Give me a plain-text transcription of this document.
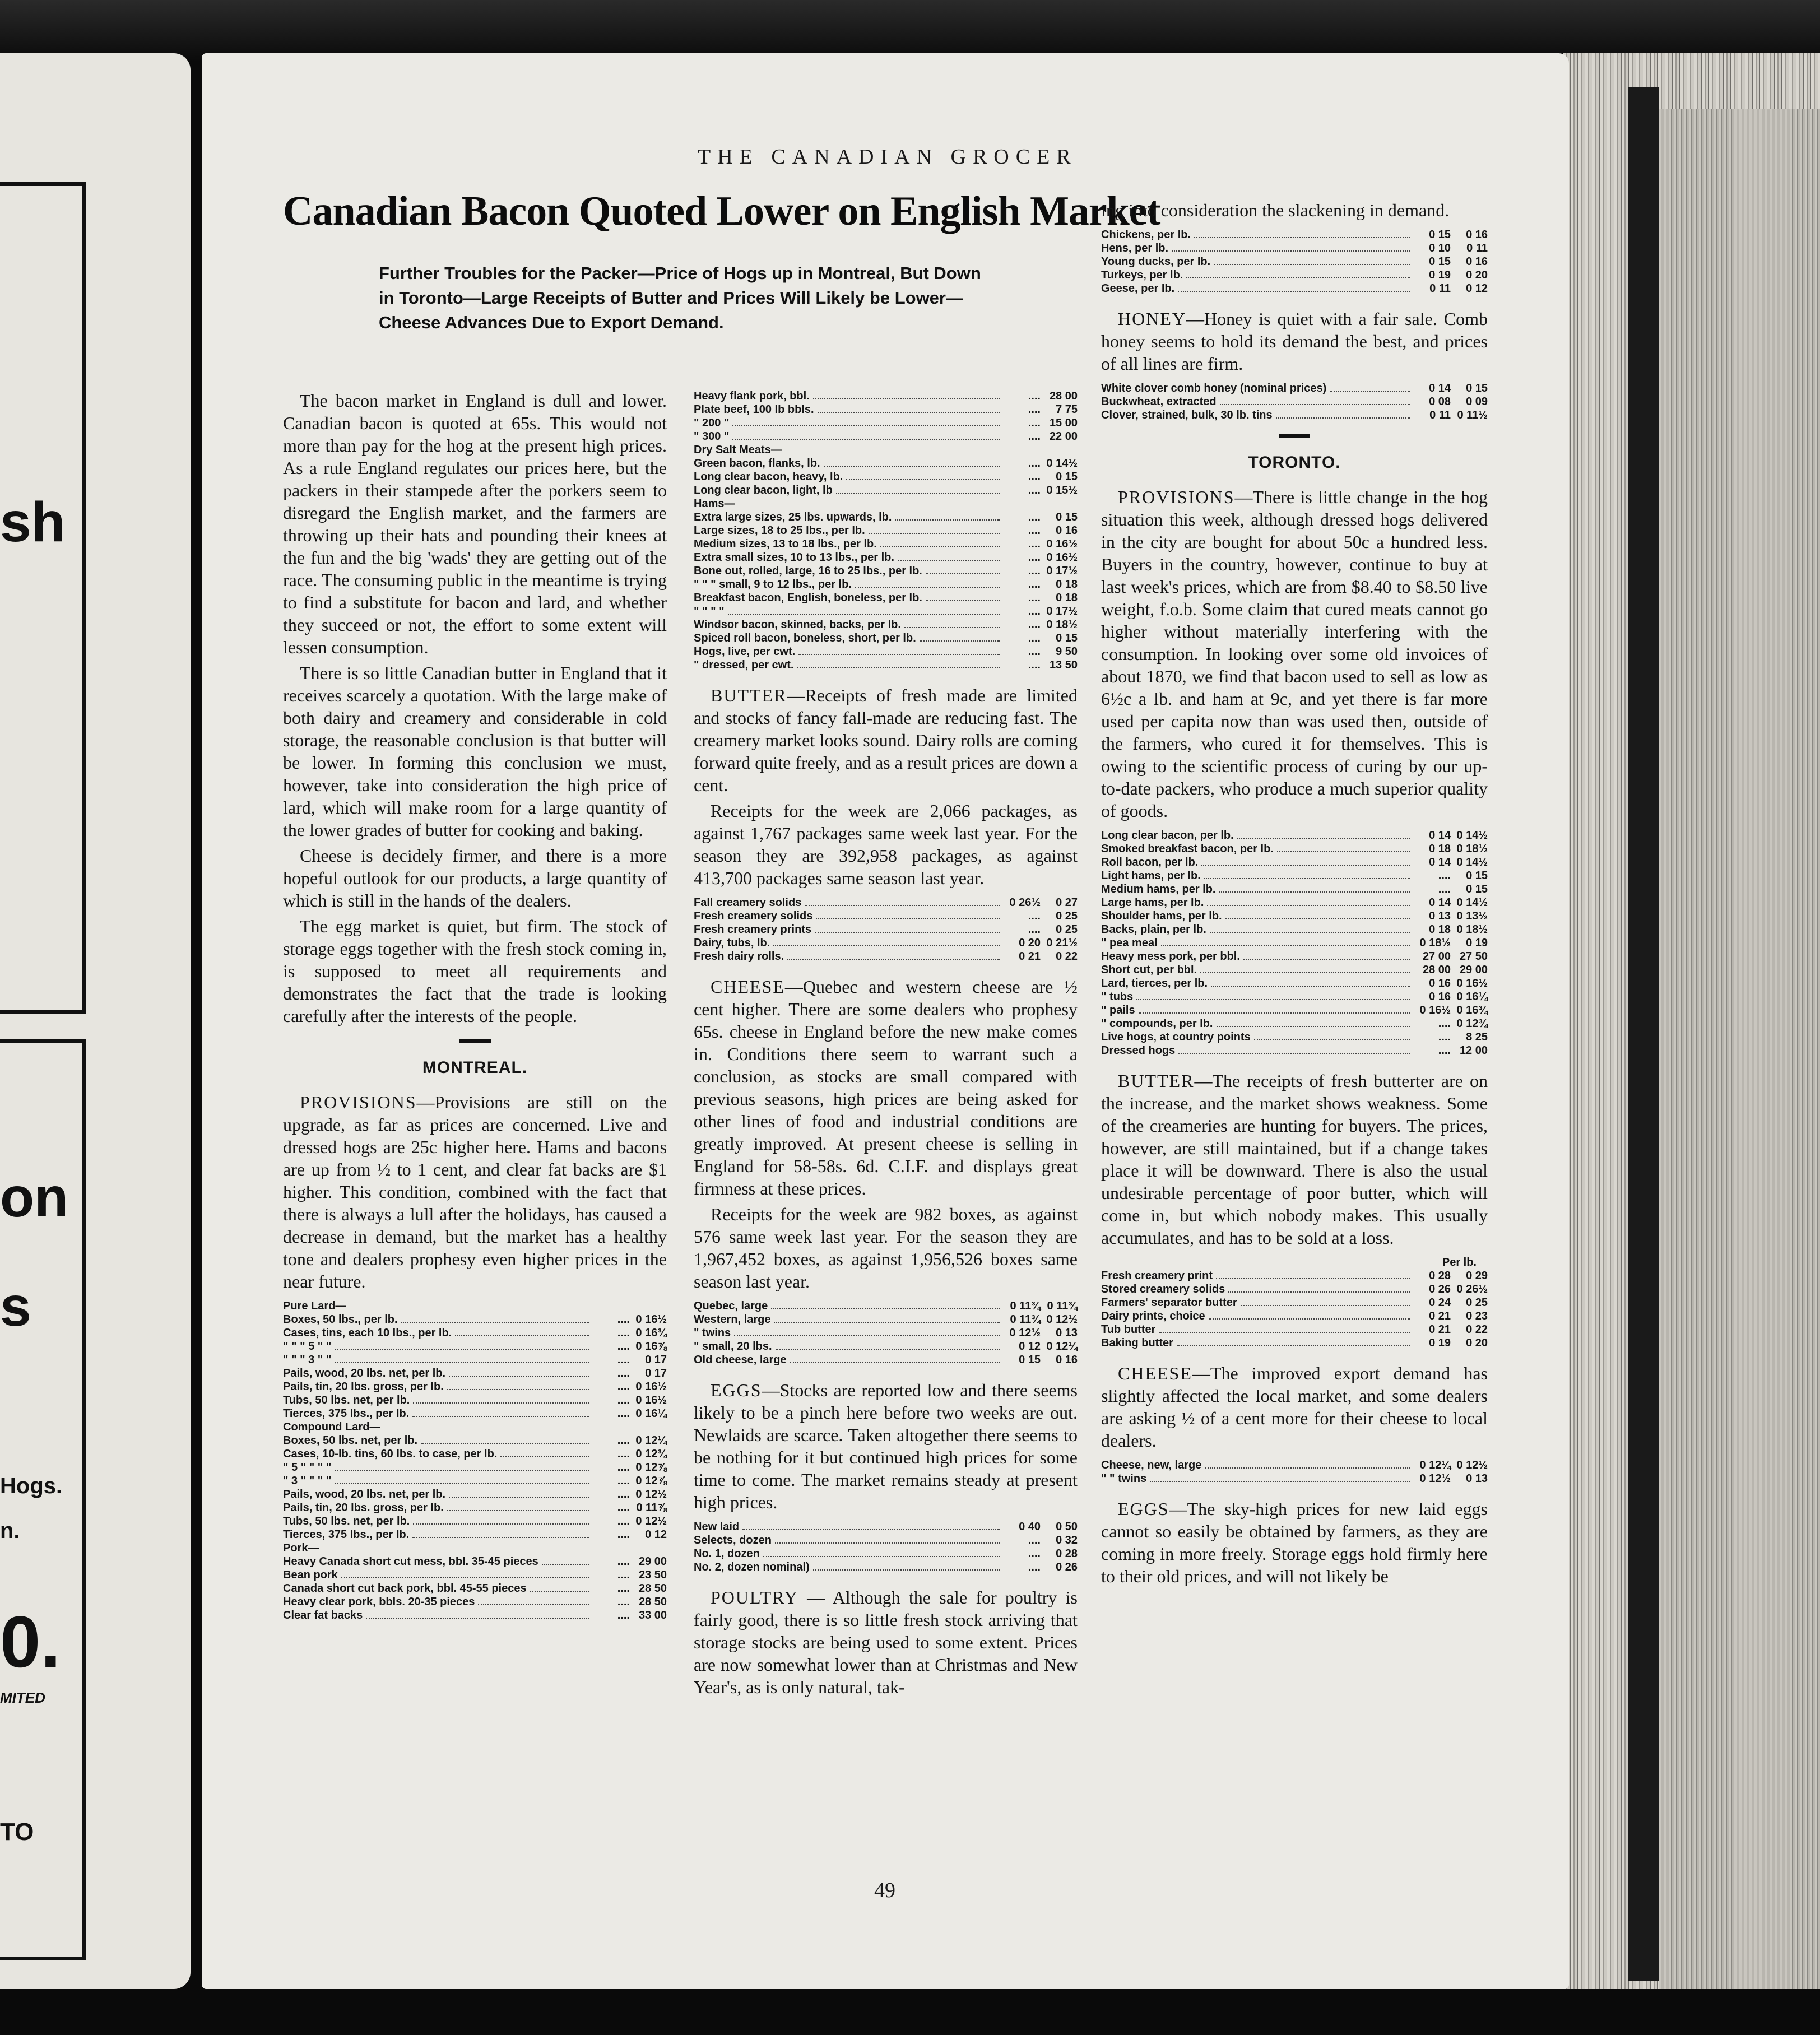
sh
on
s
Hogs.
n.
0.
MITED
TO
THE CANADIAN GROCER
Canadian Bacon Quoted Lower on English Market
Further Troubles for the Packer—Price of Hogs up in Montreal, But Down in Toronto—Large Receipts of Butter and Prices Will Likely be Lower—Cheese Advances Due to Export Demand.

The bacon market in England is dull and lower. Canadian bacon is quoted at 65s. This would not more than pay for the hog at the present high prices. As a rule England regulates our prices here, but the packers in their stampede after the porkers seem to disregard the English market, and the farmers are throwing up their hats and pounding their knees at the fun and the big 'wads' they are getting out of the race. The consuming public in the meantime is trying to find a substitute for bacon and lard, and whether they succeed or not, the effort to some extent will lessen consumption.

There is so little Canadian butter in England that it receives scarcely a quotation. With the large make of both dairy and creamery and considerable in cold storage, the reasonable conclusion is that butter will be lower. In forming this conclusion we must, however, take into consideration the high price of lard, which will make room for a large quantity of the lower grades of butter for cooking and baking.

Cheese is decidely firmer, and there is a more hopeful outlook for our products, a large quantity of which is still in the hands of the dealers.

The egg market is quiet, but firm. The stock of storage eggs together with the fresh stock coming in, is supposed to meet all requirements and demonstrates the fact that the trade is looking carefully after the interests of the people.

MONTREAL.

PROVISIONS—Provisions are still on the upgrade, as far as prices are concerned. Live and dressed hogs are 25c higher here. Hams and bacons are up from ½ to 1 cent, and clear fat backs are $1 higher. This condition, combined with the fact that there is always a lull after the holidays, has caused a decrease in demand, but the market has a healthy tone and dealers prophesy even higher prices in the near future.

Pure Lard—
Boxes, 50 lbs., per lb.	.... 0 16½
Cases, tins, each 10 lbs., per lb.	.... 0 16¾
" " " 5 " "	.... 0 16⅞
" " " 3 " "	....	0 17
Pails, wood, 20 lbs. net, per lb.	....	0 17
Pails, tin, 20 lbs. gross, per lb.	.... 0 16½
Tubs, 50 lbs. net, per lb.	.... 0 16½
Tierces, 375 lbs., per lb.	.... 0 16¼
Compound Lard—
Boxes, 50 lbs. net, per lb.	.... 0 12¼
Cases, 10-lb. tins, 60 lbs. to case, per lb.	.... 0 12¾
" 5 " " " "	.... 0 12⅞
" 3 " " " "	.... 0 12⅞
Pails, wood, 20 lbs. net, per lb.	.... 0 12½
Pails, tin, 20 lbs. gross, per lb.	.... 0 11⅞
Tubs, 50 lbs. net, per lb.	.... 0 12½
Tierces, 375 lbs., per lb.	....	0 12
Pork—
Heavy Canada short cut mess, bbl. 35-45 pieces	.... 29 00
Bean pork	.... 23 50
Canada short cut back pork, bbl. 45-55 pieces	.... 28 50
Heavy clear pork, bbls. 20-35 pieces	.... 28 50
Clear fat backs	.... 33 00
Heavy flank pork, bbl.	.... 28 00
Plate beef, 100 lb bbls.	....	7 75
" 200 "	.... 15 00
" 300 "	.... 22 00
Dry Salt Meats—
Green bacon, flanks, lb.	.... 0 14½
Long clear bacon, heavy, lb.	....	0 15
Long clear bacon, light, lb	.... 0 15½
Hams—
Extra large sizes, 25 lbs. upwards, lb.	....	0 15
Large sizes, 18 to 25 lbs., per lb.	....	0 16
Medium sizes, 13 to 18 lbs., per lb.	.... 0 16½
Extra small sizes, 10 to 13 lbs., per lb.	.... 0 16½
Bone out, rolled, large, 16 to 25 lbs., per lb.	.... 0 17½
" " " small, 9 to 12 lbs., per lb.	....	0 18
Breakfast bacon, English, boneless, per lb.	....	0 18
" " " "	.... 0 17½
Windsor bacon, skinned, backs, per lb.	.... 0 18½
Spiced roll bacon, boneless, short, per lb.	....	0 15
Hogs, live, per cwt.	....	9 50
" dressed, per cwt.	.... 13 50

BUTTER—Receipts of fresh made are limited and stocks of fancy fall-made are reducing fast. The creamery market looks sound. Dairy rolls are coming forward quite freely, and as a result prices are down a cent.

Receipts for the week are 2,066 packages, as against 1,767 packages same week last year. For the season they are 392,958 packages, as against 413,700 packages same season last year.

Fall creamery solids	0 26½	0 27
Fresh creamery solids	....	0 25
Fresh creamery prints	....	0 25
Dairy, tubs, lb.	0 20 0 21½
Fresh dairy rolls.	0 21	0 22

CHEESE—Quebec and western cheese are ½ cent higher. There are some dealers who prophesy 65s. cheese in England before the new make comes in. Conditions there seem to warrant such a conclusion, as stocks are small compared with previous seasons, high prices are being asked for other lines of food and industrial conditions are greatly improved. At present cheese is selling in England for 58-58s. 6d. C.I.F. and displays great firmness at these prices.

Receipts for the week are 982 boxes, as against 576 same week last year. For the season they are 1,967,452 boxes, as against 1,956,526 boxes same season last year.

Quebec, large	0 11¾ 0 11¾
Western, large	0 11¾ 0 12½
" twins	0 12½	0 13
" small, 20 lbs.	0 12 0 12¼
Old cheese, large	0 15	0 16

EGGS—Stocks are reported low and there seems likely to be a pinch here before two weeks are out. Newlaids are scarce. Taken altogether there seems to be nothing for it but continued high prices for some time to come. The market remains steady at present high prices.

New laid	0 40	0 50
Selects, dozen	....	0 32
No. 1, dozen	....	0 28
No. 2, dozen nominal)	....	0 26

POULTRY — Although the sale for poultry is fairly good, there is so little fresh stock arriving that storage stocks are being used to some extent. Prices are now somewhat lower than at Christmas and New Year's, as is only natural, tak-

49

ing into consideration the slackening in demand.

Chickens, per lb.	0 15	0 16
Hens, per lb.	0 10	0 11
Young ducks, per lb.	0 15	0 16
Turkeys, per lb.	0 19	0 20
Geese, per lb.	0 11	0 12

HONEY—Honey is quiet with a fair sale. Comb honey seems to hold its demand the best, and prices of all lines are firm.

White clover comb honey (nominal prices)	0 14	0 15
Buckwheat, extracted	0 08	0 09
Clover, strained, bulk, 30 lb. tins	0 11 0 11½
TORONTO.

PROVISIONS—There is little change in the hog situation this week, although dressed hogs delivered in the city are bought for about 50c a hundred less. Buyers in the country, however, continue to buy at last week's prices, which are from $8.40 to $8.50 live weight, f.o.b. Some claim that cured meats cannot go higher without materially interfering with the consumption. In looking over some old invoices of about 1870, we find that bacon used to sell as low as 6½c a lb. and ham at 9c, and yet there is far more used per capita now than was used then, outside of the farmers, who cured it for themselves. This is owing to the scientific process of curing by our up-to-date packers, who produce a much superior quality of goods.

Long clear bacon, per lb.	0 14 0 14½
Smoked breakfast bacon, per lb.	0 18 0 18½
Roll bacon, per lb.	0 14 0 14½
Light hams, per lb.	....	0 15
Medium hams, per lb.	....	0 15
Large hams, per lb.	0 14 0 14½
Shoulder hams, per lb.	0 13 0 13½
Backs, plain, per lb.	0 18 0 18½
" pea meal	0 18½	0 19
Heavy mess pork, per bbl.	27 00 27 50
Short cut, per bbl.	28 00 29 00
Lard, tierces, per lb.	0 16 0 16½
" tubs	0 16 0 16¼
" pails	0 16½ 0 16¾
" compounds, per lb.	.... 0 12¾
Live hogs, at country points	....	8 25
Dressed hogs	.... 12 00

BUTTER—The receipts of fresh butterter are on the increase, and the market shows weakness. Some of the creameries are hunting for buyers. The prices, however, are still maintained, but if a change takes place it will be downward. There is also the usual undesirable percentage of poor butter, which will come in, but which nobody makes. This usually accumulates, and has to be sold at a loss.

Per lb.
Fresh creamery print	0 28	0 29
Stored creamery solids	0 26 0 26½
Farmers' separator butter	0 24	0 25
Dairy prints, choice	0 21	0 23
Tub butter	0 21	0 22
Baking butter	0 19	0 20

CHEESE—The improved export demand has slightly affected the local market, and some dealers are asking ½ of a cent more for their cheese to local dealers.

Cheese, new, large	0 12¼ 0 12½
" " twins	0 12½	0 13

EGGS—The sky-high prices for new laid eggs cannot so easily be obtained by farmers, as they are coming in more freely. Storage eggs hold firmly here to their old prices, and will not likely be
